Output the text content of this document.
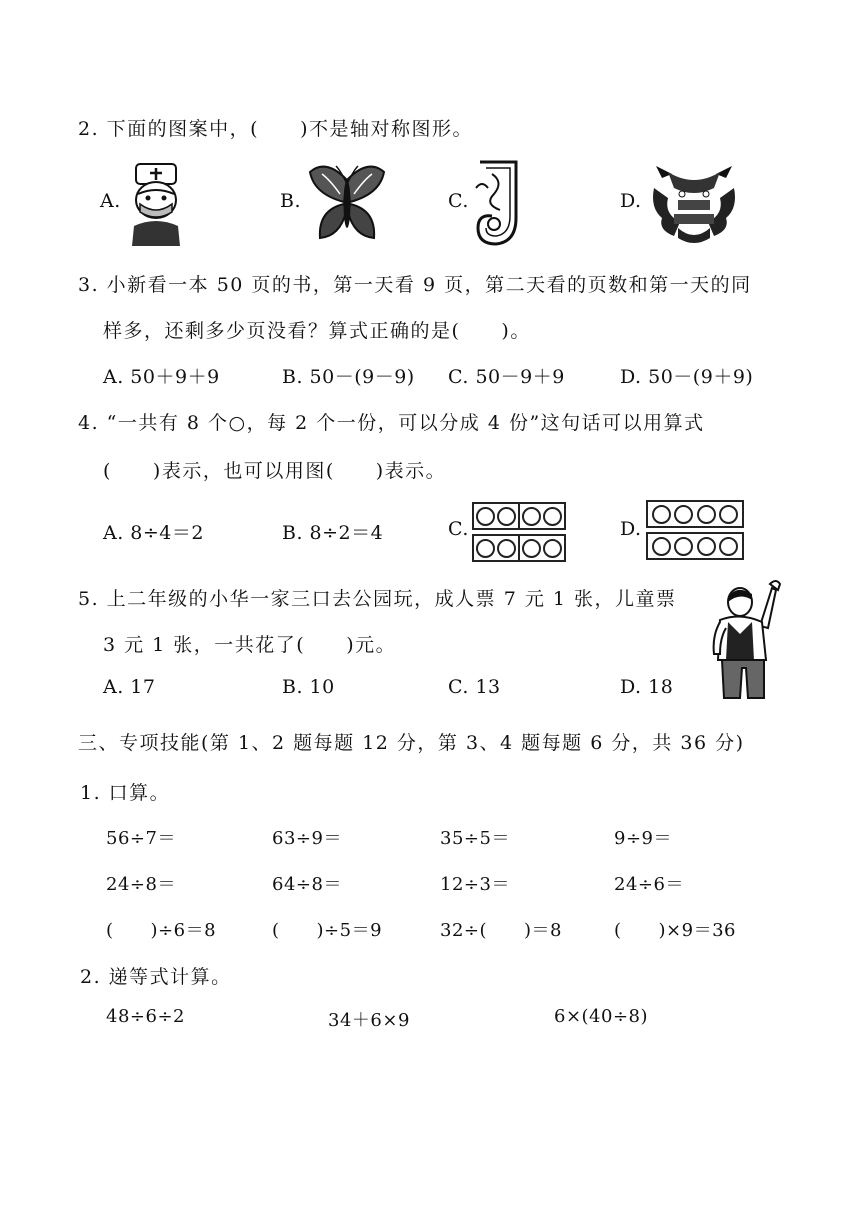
2. 下面的图案中，(　　)不是轴对称图形。
A.	B.	C.	D.
3. 小新看一本 50 页的书，第一天看 9 页，第二天看的页数和第一天的同
样多，还剩多少页没看？算式正确的是(　　)。
A. 50＋9＋9	B. 50－(9－9) C. 50－9＋9	D. 50－(9＋9)
4. “一共有 8 个○，每 2 个一份，可以分成 4 份”这句话可以用算式
(　　)表示，也可以用图(　　)表示。
A. 8÷4＝2	B. 8÷2＝4	C.	D.
5. 上二年级的小华一家三口去公园玩，成人票 7 元 1 张，儿童票
3 元 1 张，一共花了(　　)元。
A. 17	B. 10	C. 13	D. 18
三、专项技能(第 1、2 题每题 12 分，第 3、4 题每题 6 分，共 36 分)
1. 口算。
56÷7＝	63÷9＝	35÷5＝	9÷9＝
24÷8＝	64÷8＝	12÷3＝	24÷6＝
(　　)÷6＝8	(　　)÷5＝9	32÷(　　)＝8	(　　)×9＝36
2. 递等式计算。
48÷6÷2	34＋6×9	6×(40÷8)
